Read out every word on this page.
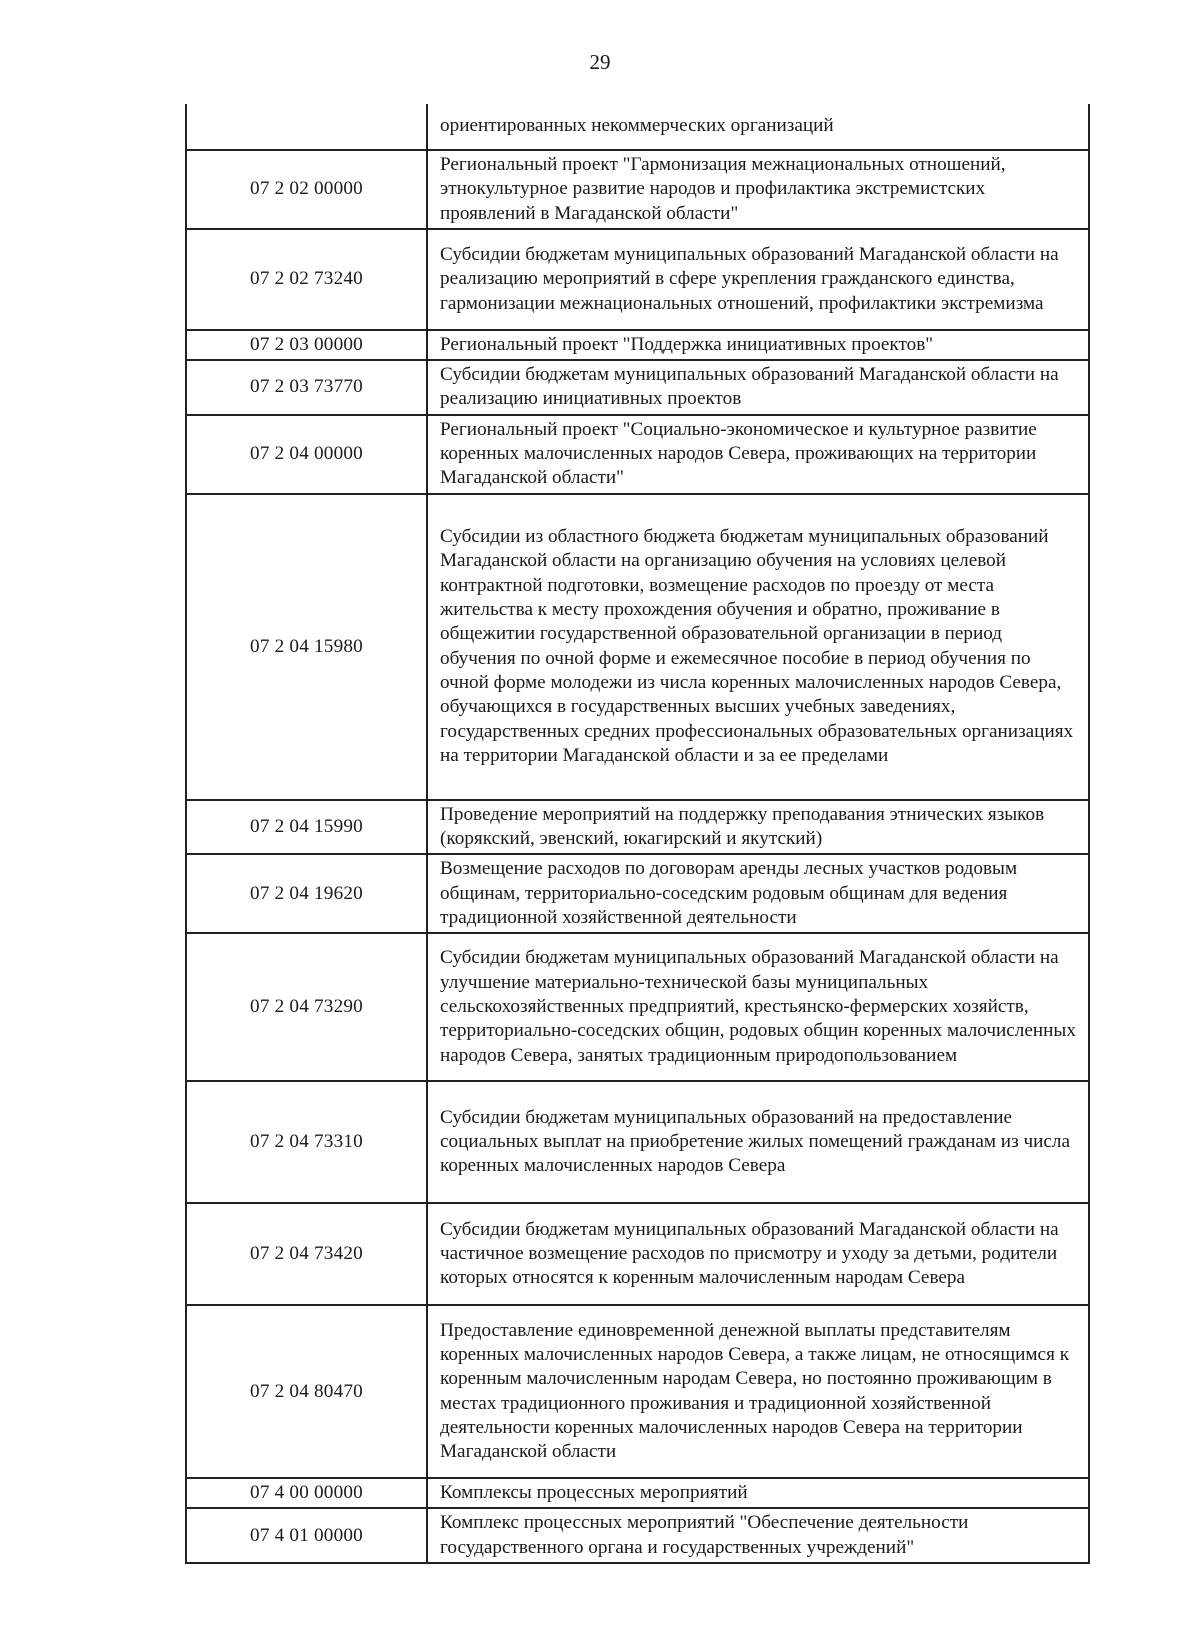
29
	ориентированных некоммерческих организаций
07 2 02 00000	Региональный проект "Гармонизация межнациональных отношений, этнокультурное развитие народов и профилактика экстремистских проявлений в Магаданской области"
07 2 02 73240	Субсидии бюджетам муниципальных образований Магаданской области на реализацию мероприятий в сфере укрепления гражданского единства, гармонизации межнациональных отношений, профилактики экстремизма
07 2 03 00000	Региональный проект "Поддержка инициативных проектов"
07 2 03 73770	Субсидии бюджетам муниципальных образований Магаданской области на реализацию инициативных проектов
07 2 04 00000	Региональный проект "Социально-экономическое и культурное развитие коренных малочисленных народов Севера, проживающих на территории Магаданской области"
07 2 04 15980	Субсидии из областного бюджета бюджетам муниципальных образований Магаданской области на организацию обучения на условиях целевой контрактной подготовки, возмещение расходов по проезду от места жительства к месту прохождения обучения и обратно, проживание в общежитии государственной образовательной организации в период обучения по очной форме и ежемесячное пособие в период обучения по очной форме молодежи из числа коренных малочисленных народов Севера, обучающихся в государственных высших учебных заведениях, государственных средних профессиональных образовательных организациях на территории Магаданской области и за ее пределами
07 2 04 15990	Проведение мероприятий на поддержку преподавания этнических языков (корякский, эвенский, юкагирский и якутский)
07 2 04 19620	Возмещение расходов по договорам аренды лесных участков родовым общинам, территориально-соседским родовым общинам для ведения традиционной хозяйственной деятельности
07 2 04 73290	Субсидии бюджетам муниципальных образований Магаданской области на улучшение материально-технической базы муниципальных сельскохозяйственных предприятий, крестьянско-фермерских хозяйств, территориально-соседских общин, родовых общин коренных малочисленных народов Севера, занятых традиционным природопользованием
07 2 04 73310	Субсидии бюджетам муниципальных образований на предоставление социальных выплат на приобретение жилых помещений гражданам из числа коренных малочисленных народов Севера
07 2 04 73420	Субсидии бюджетам муниципальных образований Магаданской области на частичное возмещение расходов по присмотру и уходу за детьми, родители которых относятся к коренным малочисленным народам Севера
07 2 04 80470	Предоставление единовременной денежной выплаты представителям коренных малочисленных народов Севера, а также лицам, не относящимся к коренным малочисленным народам Севера, но постоянно проживающим в местах традиционного проживания и традиционной хозяйственной деятельности коренных малочисленных народов Севера на территории Магаданской области
07 4 00 00000	Комплексы процессных мероприятий
07 4 01 00000	Комплекс процессных мероприятий "Обеспечение деятельности государственного органа и государственных учреждений"
